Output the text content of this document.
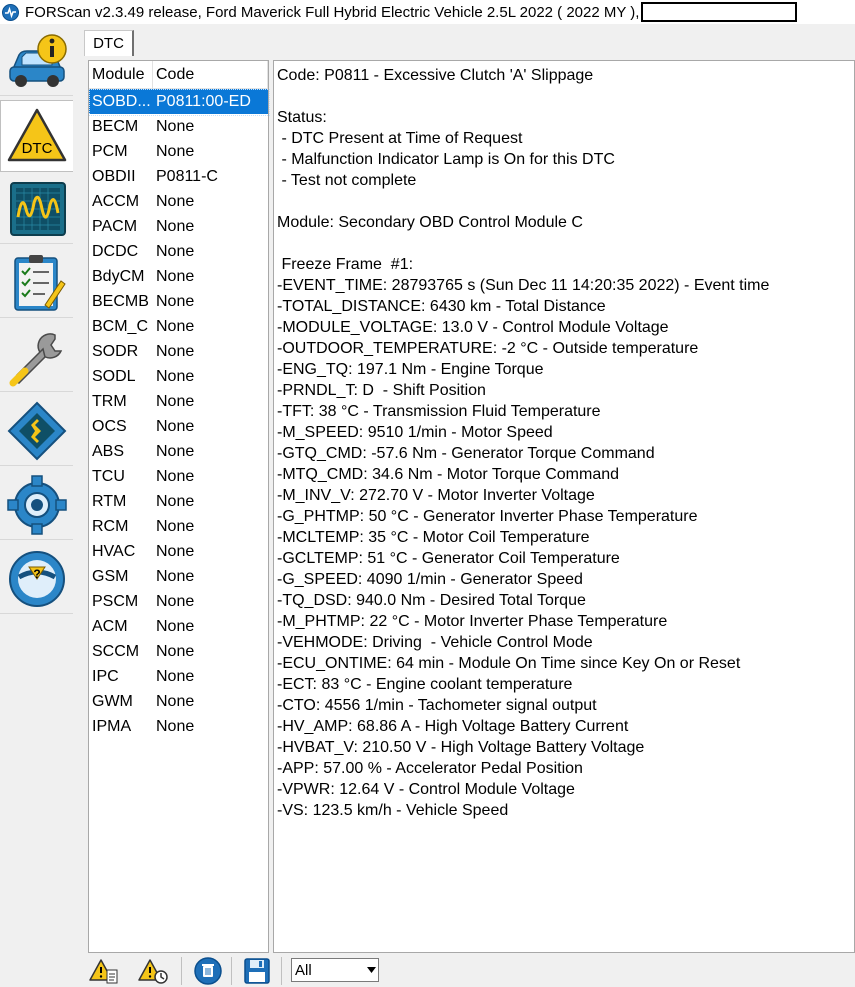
FORScan v2.3.49 release, Ford Maverick Full Hybrid Electric Vehicle 2.5L 2022 ( 2022 MY ),
DTC
?
DTC
Module Code
SOBD... P0811:00-ED
BECM	None
PCM	None
OBDII	P0811-C
ACCM	None
PACM	None
DCDC	None
BdyCM None
BECMB None
BCM_C None
SODR	None
SODL	None
TRM	None
OCS	None
ABS	None
TCU	None
RTM	None
RCM	None
HVAC	None
GSM	None
PSCM	None
ACM	None
SCCM	None
IPC	None
GWM	None
IPMA	None
Code: P0811 - Excessive Clutch 'A' Slippage
Status:
- DTC Present at Time of Request
- Malfunction Indicator Lamp is On for this DTC
- Test not complete
Module: Secondary OBD Control Module C
Freeze Frame  #1:
-EVENT_TIME: 28793765 s (Sun Dec 11 14:20:35 2022) - Event time
-TOTAL_DISTANCE: 6430 km - Total Distance
-MODULE_VOLTAGE: 13.0 V - Control Module Voltage
-OUTDOOR_TEMPERATURE: -2 °C - Outside temperature
-ENG_TQ: 197.1 Nm - Engine Torque
-PRNDL_T: D  - Shift Position
-TFT: 38 °C - Transmission Fluid Temperature
-M_SPEED: 9510 1/min - Motor Speed
-GTQ_CMD: -57.6 Nm - Generator Torque Command
-MTQ_CMD: 34.6 Nm - Motor Torque Command
-M_INV_V: 272.70 V - Motor Inverter Voltage
-G_PHTMP: 50 °C - Generator Inverter Phase Temperature
-MCLTEMP: 35 °C - Motor Coil Temperature
-GCLTEMP: 51 °C - Generator Coil Temperature
-G_SPEED: 4090 1/min - Generator Speed
-TQ_DSD: 940.0 Nm - Desired Total Torque
-M_PHTMP: 22 °C - Motor Inverter Phase Temperature
-VEHMODE: Driving  - Vehicle Control Mode
-ECU_ONTIME: 64 min - Module On Time since Key On or Reset
-ECT: 83 °C - Engine coolant temperature
-CTO: 4556 1/min - Tachometer signal output
-HV_AMP: 68.86 A - High Voltage Battery Current
-HVBAT_V: 210.50 V - High Voltage Battery Voltage
-APP: 57.00 % - Accelerator Pedal Position
-VPWR: 12.64 V - Control Module Voltage
-VS: 123.5 km/h - Vehicle Speed
All
